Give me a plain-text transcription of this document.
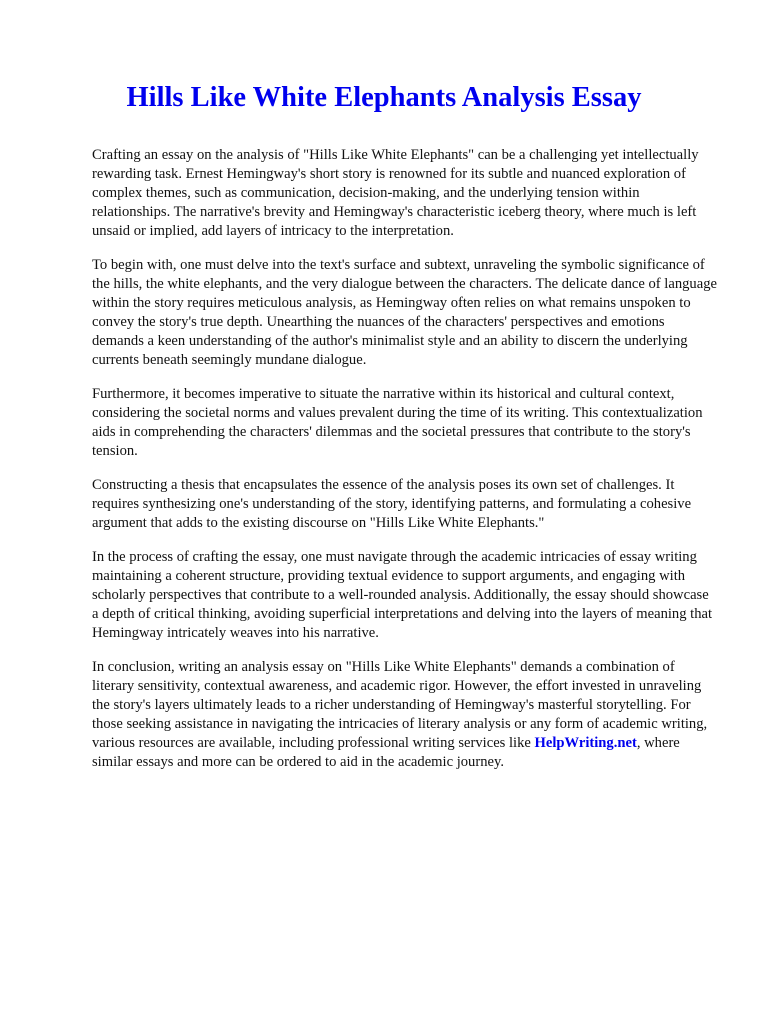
Hills Like White Elephants Analysis Essay

Crafting an essay on the analysis of "Hills Like White Elephants" can be a challenging yet intellectually rewarding task. Ernest Hemingway's short story is renowned for its subtle and nuanced exploration of complex themes, such as communication, decision-making, and the underlying tension within relationships. The narrative's brevity and Hemingway's characteristic iceberg theory, where much is left unsaid or implied, add layers of intricacy to the interpretation.

To begin with, one must delve into the text's surface and subtext, unraveling the symbolic significance of the hills, the white elephants, and the very dialogue between the characters. The delicate dance of language within the story requires meticulous analysis, as Hemingway often relies on what remains unspoken to convey the story's true depth. Unearthing the nuances of the characters' perspectives and emotions demands a keen understanding of the author's minimalist style and an ability to discern the underlying currents beneath seemingly mundane dialogue.

Furthermore, it becomes imperative to situate the narrative within its historical and cultural context, considering the societal norms and values prevalent during the time of its writing. This contextualization aids in comprehending the characters' dilemmas and the societal pressures that contribute to the story's tension.

Constructing a thesis that encapsulates the essence of the analysis poses its own set of challenges. It requires synthesizing one's understanding of the story, identifying patterns, and formulating a cohesive argument that adds to the existing discourse on "Hills Like White Elephants."

In the process of crafting the essay, one must navigate through the academic intricacies of essay writing    maintaining a coherent structure, providing textual evidence to support arguments, and engaging with scholarly perspectives that contribute to a well-rounded analysis. Additionally, the essay should showcase a depth of critical thinking, avoiding superficial interpretations and delving into the layers of meaning that Hemingway intricately weaves into his narrative.

In conclusion, writing an analysis essay on "Hills Like White Elephants" demands a combination of literary sensitivity, contextual awareness, and academic rigor. However, the effort invested in unraveling the story's layers ultimately leads to a richer understanding of Hemingway's masterful storytelling. For those seeking assistance in navigating the intricacies of literary analysis or any form of academic writing, various resources are available, including professional writing services like HelpWriting.net, where similar essays and more can be ordered to aid in the academic journey.
